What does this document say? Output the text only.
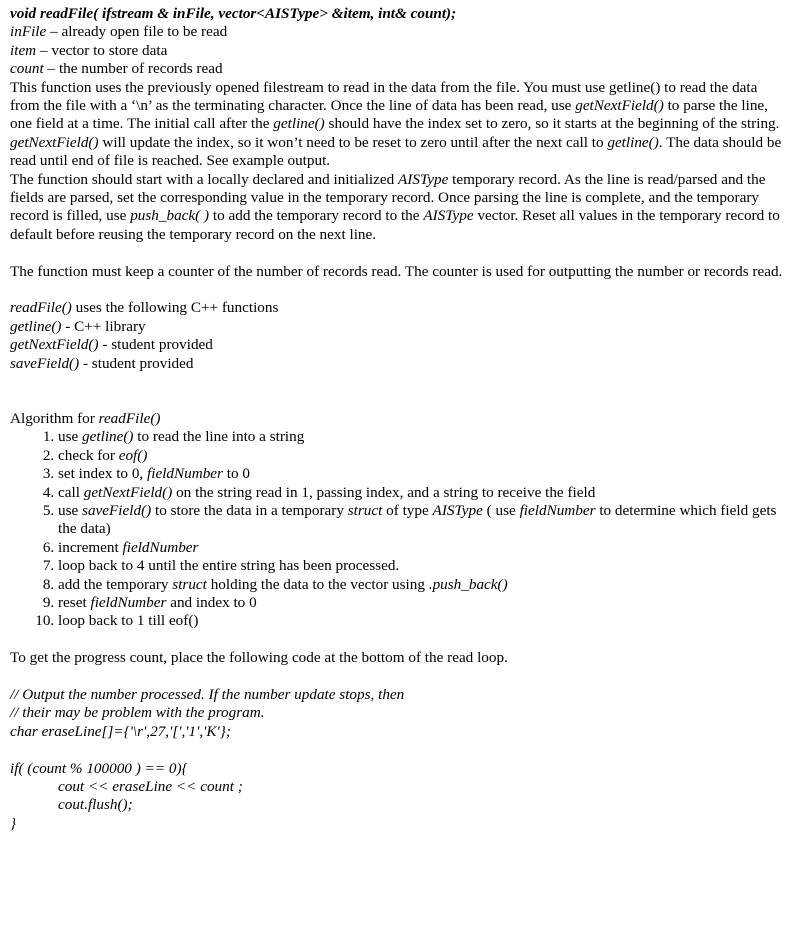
void readFile( ifstream & inFile, vector<AISType> &item, int& count);

inFile – already open file to be read

item – vector to store data

count – the number of records read

This function uses the previously opened filestream to read in the data from the file. You must use getline() to read the data from the file with a ‘\n’ as the terminating character. Once the line of data has been read, use getNextField() to parse the line, one field at a time. The initial call after the getline() should have the index set to zero, so it starts at the beginning of the string. getNextField() will update the index, so it won’t need to be reset to zero until after the next call to getline(). The data should be read until end of file is reached. See example output.

The function should start with a locally declared and initialized AISType temporary record. As the line is read/parsed and the fields are parsed, set the corresponding value in the temporary record. Once parsing the line is complete, and the temporary record is filled, use push_back( ) to add the temporary record to the AISType vector. Reset all values in the temporary record to default before reusing the temporary record on the next line.

The function must keep a counter of the number of records read. The counter is used for outputting the number or records read.

readFile() uses the following C++ functions

getline() - C++ library

getNextField() - student provided

saveField() - student provided

Algorithm for readFile()

1. use getline() to read the line into a string
2. check for eof()
3. set index to 0, fieldNumber to 0
4. call getNextField() on the string read in 1, passing index, and a string to receive the field
5. use saveField() to store the data in a temporary struct of type AISType ( use fieldNumber to determine which field gets the data)
6. increment fieldNumber
7. loop back to 4 until the entire string has been processed.
8. add the temporary struct holding the data to the vector using .push_back()
9. reset fieldNumber and index to 0
10. loop back to 1 till eof()

To get the progress count, place the following code at the bottom of the read loop.

// Output the number processed. If the number update stops, then

// their may be problem with the program.

char eraseLine[]={'\r',27,'[','1','K'};

if( (count % 100000 ) == 0){

cout << eraseLine << count ;

cout.flush();

}
